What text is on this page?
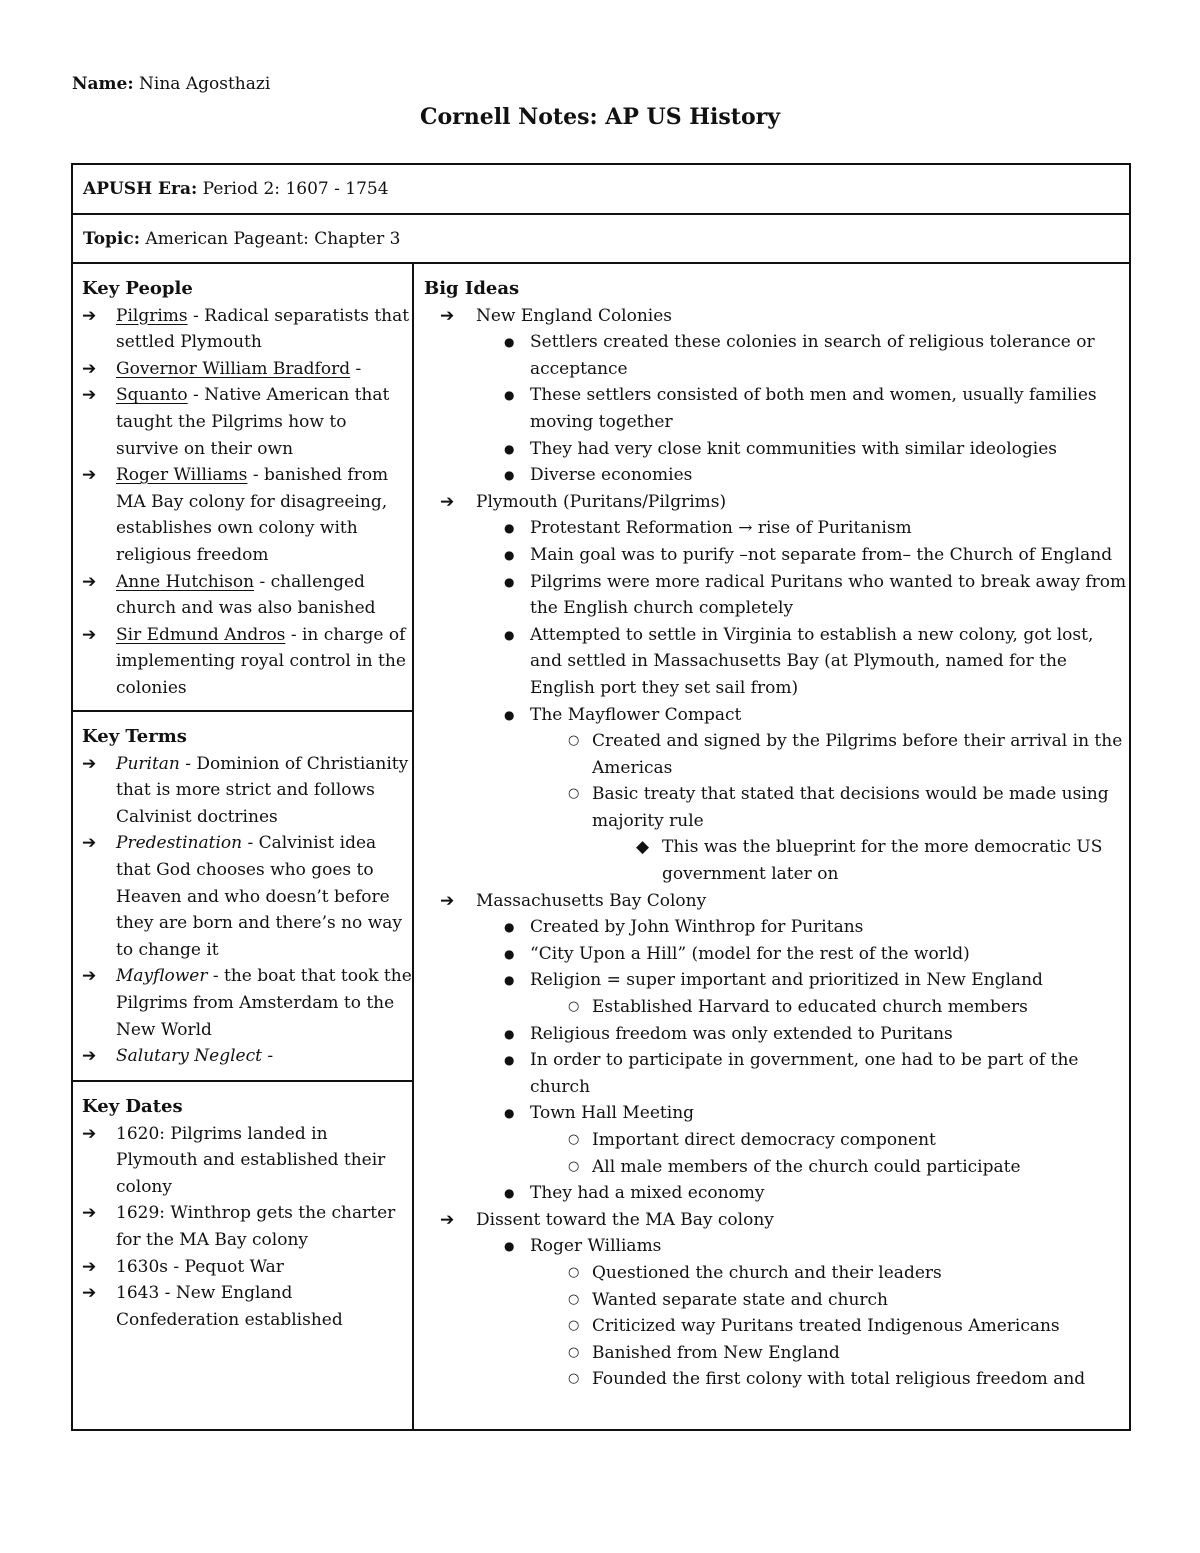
Name: Nina Agosthazi
Cornell Notes: AP US History
APUSH Era: Period 2: 1607 - 1754
Topic: American Pageant: Chapter 3
Key People
➔	Pilgrims - Radical separatists that settled Plymouth
➔	Governor William Bradford -
➔	Squanto - Native American that taught the Pilgrims how to survive on their own
➔	Roger Williams - banished from MA Bay colony for disagreeing, establishes own colony with religious freedom
➔	Anne Hutchison - challenged church and was also banished
➔	Sir Edmund Andros - in charge of implementing royal control in the colonies
Key Terms
➔	Puritan - Dominion of Christianity that is more strict and follows Calvinist doctrines
➔	Predestination - Calvinist idea that God chooses who goes to Heaven and who doesn’t before they are born and there’s no way to change it
➔	Mayflower - the boat that took the Pilgrims from Amsterdam to the New World
➔	Salutary Neglect -
Key Dates
➔	1620: Pilgrims landed in Plymouth and established their colony
➔	1629: Winthrop gets the charter for the MA Bay colony
➔	1630s - Pequot War
➔	1643 - New England Confederation established
Big Ideas
➔	New England Colonies
● Settlers created these colonies in search of religious tolerance or acceptance
● These settlers consisted of both men and women, usually families moving together
● They had very close knit communities with similar ideologies
● Diverse economies
➔	Plymouth (Puritans/Pilgrims)
● Protestant Reformation → rise of Puritanism
● Main goal was to purify –not separate from– the Church of England
● Pilgrims were more radical Puritans who wanted to break away from the English church completely
● Attempted to settle in Virginia to establish a new colony, got lost, and settled in Massachusetts Bay (at Plymouth, named for the English port they set sail from)
● The Mayflower Compact
○ Created and signed by the Pilgrims before their arrival in the Americas
○ Basic treaty that stated that decisions would be made using majority rule
◆ This was the blueprint for the more democratic US government later on
➔	Massachusetts Bay Colony
● Created by John Winthrop for Puritans
● “City Upon a Hill” (model for the rest of the world)
● Religion = super important and prioritized in New England
○ Established Harvard to educated church members
● Religious freedom was only extended to Puritans
● In order to participate in government, one had to be part of the church
● Town Hall Meeting
○ Important direct democracy component
○ All male members of the church could participate
● They had a mixed economy
➔	Dissent toward the MA Bay colony
● Roger Williams
○ Questioned the church and their leaders
○ Wanted separate state and church
○ Criticized way Puritans treated Indigenous Americans
○ Banished from New England
○ Founded the first colony with total religious freedom and
